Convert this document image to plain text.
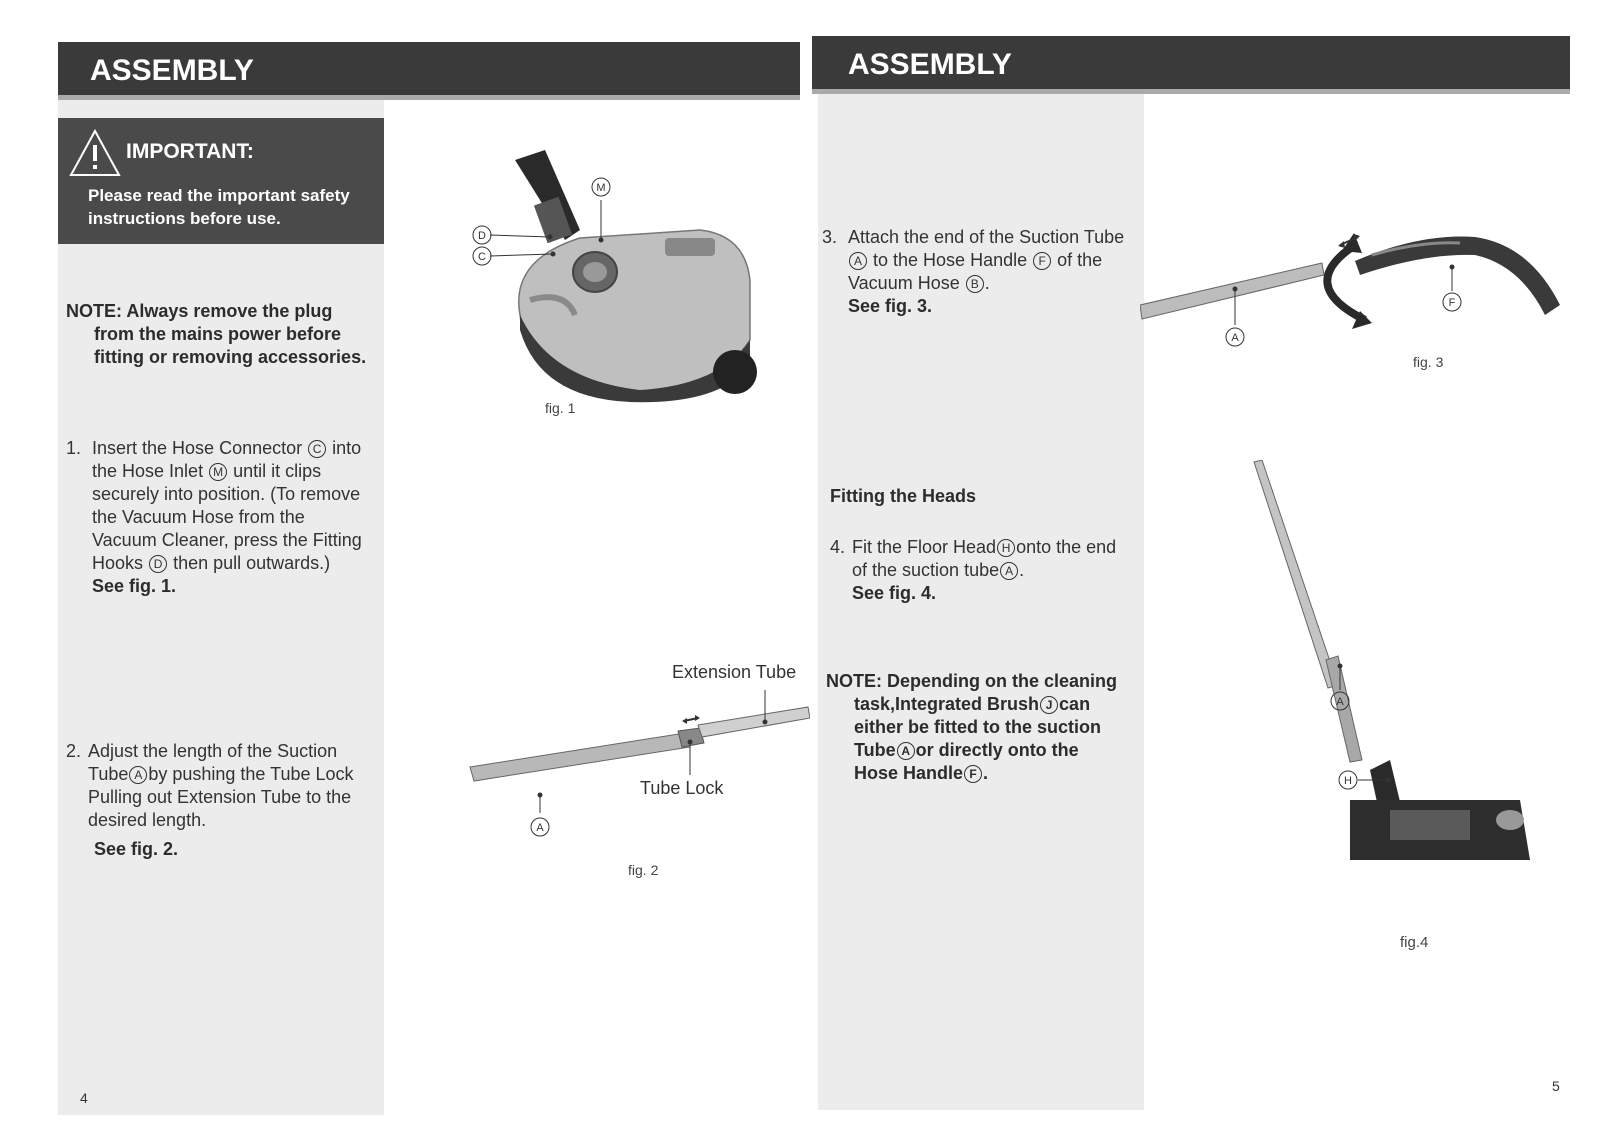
ASSEMBLY
IMPORTANT:
Please read the important safety
instructions before use.
NOTE: Always remove the plug
from the mains power before
fitting or removing accessories.
1. Insert the Hose Connector C into
the Hose Inlet M until it clips
securely into position. (To remove
the Vacuum Hose from the
Vacuum Cleaner, press the Fitting
Hooks D then pull outwards.)
See fig. 1.
2. Adjust the length of the Suction
Tube A by pushing the Tube Lock
Pulling out Extension Tube to the
desired length.
See fig. 2.
4
M
D
C
fig. 1
Extension Tube
Tube Lock
A
fig. 2
ASSEMBLY
3. Attach the end of the Suction Tube
A to the Hose Handle F of the
Vacuum Hose B .
See fig. 3.
Fitting the Heads
4. Fit the Floor Head H onto the end
of the suction tube A .
See fig. 4.
NOTE: Depending on the cleaning
task,Integrated Brush J can
either be fitted to the suction
Tube A or directly onto the
Hose Handle F .
A
F
fig. 3
A
H
fig.4
5
